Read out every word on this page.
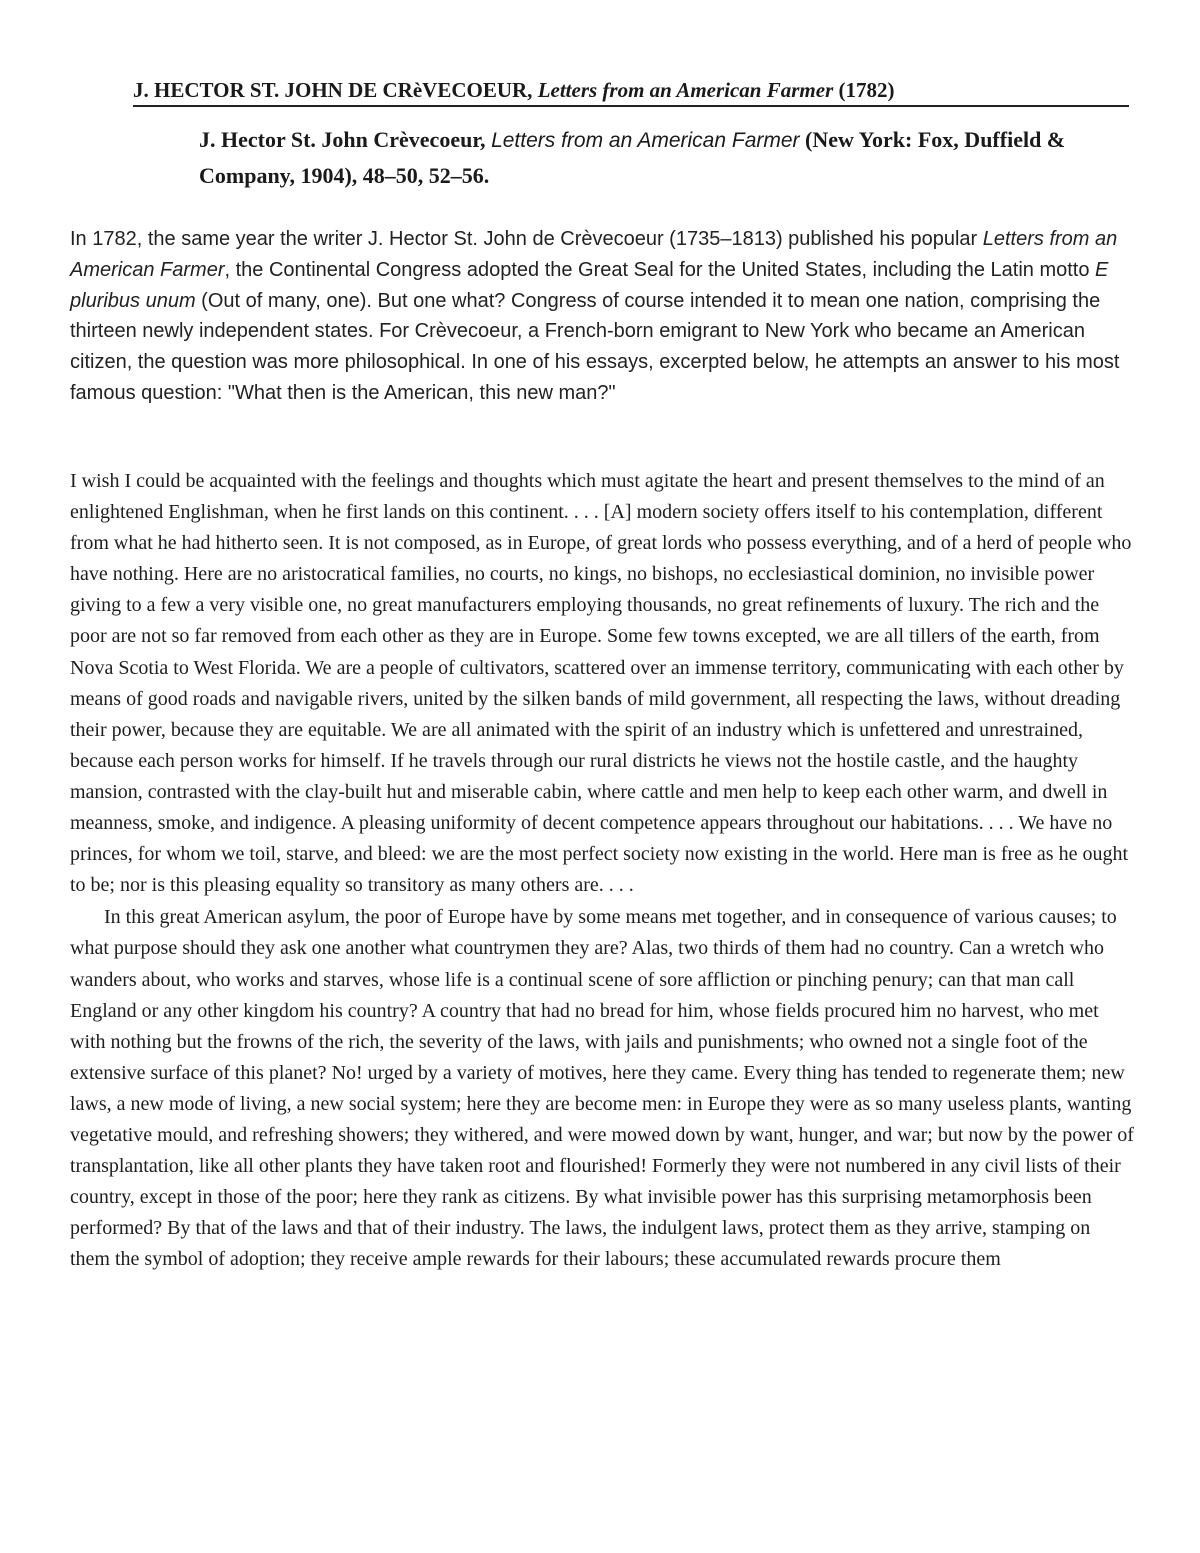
J. HECTOR ST. JOHN DE CRèVECOEUR, Letters from an American Farmer (1782)
J. Hector St. John Crèvecoeur, Letters from an American Farmer (New York: Fox, Duffield & Company, 1904), 48–50, 52–56.

In 1782, the same year the writer J. Hector St. John de Crèvecoeur (1735–1813) published his popular Letters from an American Farmer, the Continental Congress adopted the Great Seal for the United States, including the Latin motto E pluribus unum (Out of many, one). But one what? Congress of course intended it to mean one nation, comprising the thirteen newly independent states. For Crèvecoeur, a French-born emigrant to New York who became an American citizen, the question was more philosophical. In one of his essays, excerpted below, he attempts an answer to his most famous question: "What then is the American, this new man?"

I wish I could be acquainted with the feelings and thoughts which must agitate the heart and present themselves to the mind of an enlightened Englishman, when he first lands on this continent. . . . [A] modern society offers itself to his contemplation, different from what he had hitherto seen. It is not composed, as in Europe, of great lords who possess everything, and of a herd of people who have nothing. Here are no aristocratical families, no courts, no kings, no bishops, no ecclesiastical dominion, no invisible power giving to a few a very visible one, no great manufacturers employing thousands, no great refinements of luxury. The rich and the poor are not so far removed from each other as they are in Europe. Some few towns excepted, we are all tillers of the earth, from Nova Scotia to West Florida. We are a people of cultivators, scattered over an immense territory, communicating with each other by means of good roads and navigable rivers, united by the silken bands of mild government, all respecting the laws, without dreading their power, because they are equitable. We are all animated with the spirit of an industry which is unfettered and unrestrained, because each person works for himself. If he travels through our rural districts he views not the hostile castle, and the haughty mansion, contrasted with the clay-built hut and miserable cabin, where cattle and men help to keep each other warm, and dwell in meanness, smoke, and indigence. A pleasing uniformity of decent competence appears throughout our habitations. . . . We have no princes, for whom we toil, starve, and bleed: we are the most perfect society now existing in the world. Here man is free as he ought to be; nor is this pleasing equality so transitory as many others are. . . .

In this great American asylum, the poor of Europe have by some means met together, and in consequence of various causes; to what purpose should they ask one another what countrymen they are? Alas, two thirds of them had no country. Can a wretch who wanders about, who works and starves, whose life is a continual scene of sore affliction or pinching penury; can that man call England or any other kingdom his country? A country that had no bread for him, whose fields procured him no harvest, who met with nothing but the frowns of the rich, the severity of the laws, with jails and punishments; who owned not a single foot of the extensive surface of this planet? No! urged by a variety of motives, here they came. Every thing has tended to regenerate them; new laws, a new mode of living, a new social system; here they are become men: in Europe they were as so many useless plants, wanting vegetative mould, and refreshing showers; they withered, and were mowed down by want, hunger, and war; but now by the power of transplantation, like all other plants they have taken root and flourished! Formerly they were not numbered in any civil lists of their country, except in those of the poor; here they rank as citizens. By what invisible power has this surprising metamorphosis been performed? By that of the laws and that of their industry. The laws, the indulgent laws, protect them as they arrive, stamping on them the symbol of adoption; they receive ample rewards for their labours; these accumulated rewards procure them
